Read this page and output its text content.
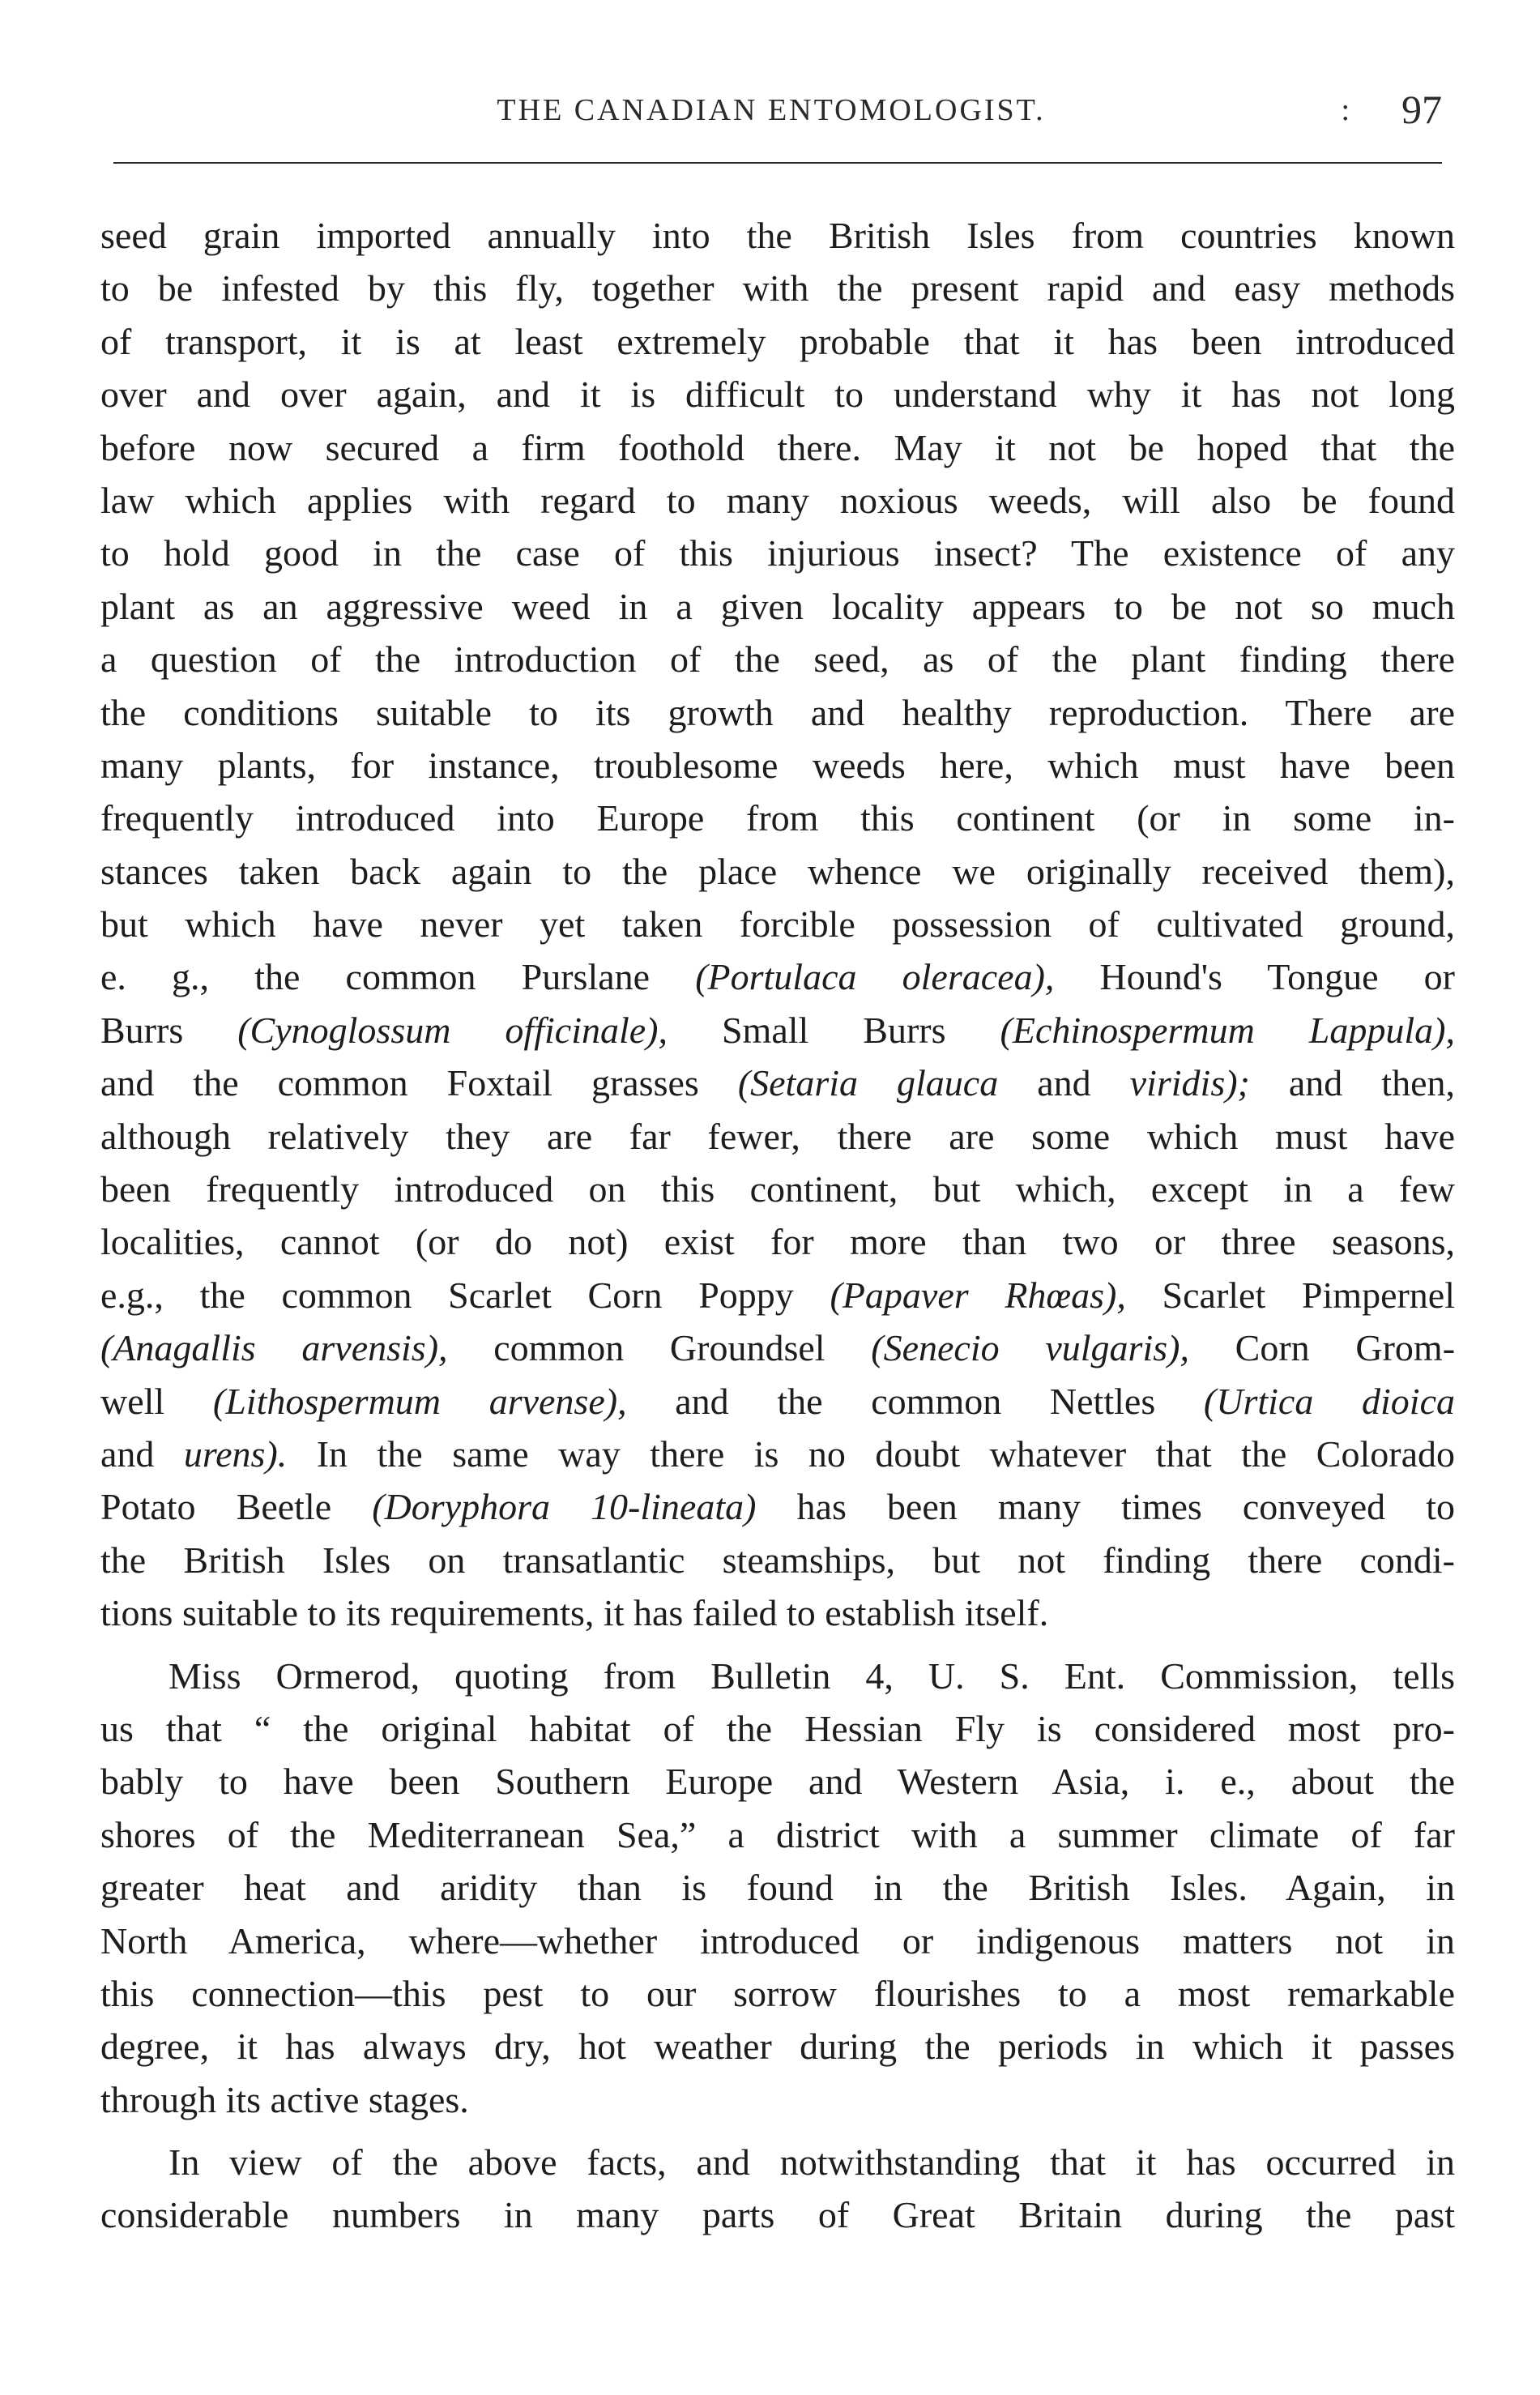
THE CANADIAN ENTOMOLOGIST.	: 97
seed grain imported annually into the British Isles from countries known
to be infested by this fly, together with the present rapid and easy methods
of transport, it is at least extremely probable that it has been introduced
over and over again, and it is difficult to understand why it has not long
before now secured a firm foothold there. May it not be hoped that the
law which applies with regard to many noxious weeds, will also be found
to hold good in the case of this injurious insect? The existence of any
plant as an aggressive weed in a given locality appears to be not so much
a question of the introduction of the seed, as of the plant finding there
the conditions suitable to its growth and healthy reproduction. There are
many plants, for instance, troublesome weeds here, which must have been
frequently introduced into Europe from this continent (or in some in-
stances taken back again to the place whence we originally received them),
but which have never yet taken forcible possession of cultivated ground,
e. g., the common Purslane (Portulaca oleracea), Hound's Tongue or
Burrs (Cynoglossum officinale), Small Burrs (Echinospermum Lappula),
and the common Foxtail grasses (Setaria glauca and viridis); and then,
although relatively they are far fewer, there are some which must have
been frequently introduced on this continent, but which, except in a few
localities, cannot (or do not) exist for more than two or three seasons,
e.g., the common Scarlet Corn Poppy (Papaver Rhœas), Scarlet Pimpernel
(Anagallis arvensis), common Groundsel (Senecio vulgaris), Corn Grom-
well (Lithospermum arvense), and the common Nettles (Urtica dioica
and urens). In the same way there is no doubt whatever that the Colorado
Potato Beetle (Doryphora 10-lineata) has been many times conveyed to
the British Isles on transatlantic steamships, but not finding there condi-
tions suitable to its requirements, it has failed to establish itself.
Miss Ormerod, quoting from Bulletin 4, U. S. Ent. Commission, tells
us that “ the original habitat of the Hessian Fly is considered most pro-
bably to have been Southern Europe and Western Asia, i. e., about the
shores of the Mediterranean Sea,” a district with a summer climate of far
greater heat and aridity than is found in the British Isles. Again, in
North America, where—whether introduced or indigenous matters not in
this connection—this pest to our sorrow flourishes to a most remarkable
degree, it has always dry, hot weather during the periods in which it passes
through its active stages.
In view of the above facts, and notwithstanding that it has occurred in
considerable numbers in many parts of Great Britain during the past
